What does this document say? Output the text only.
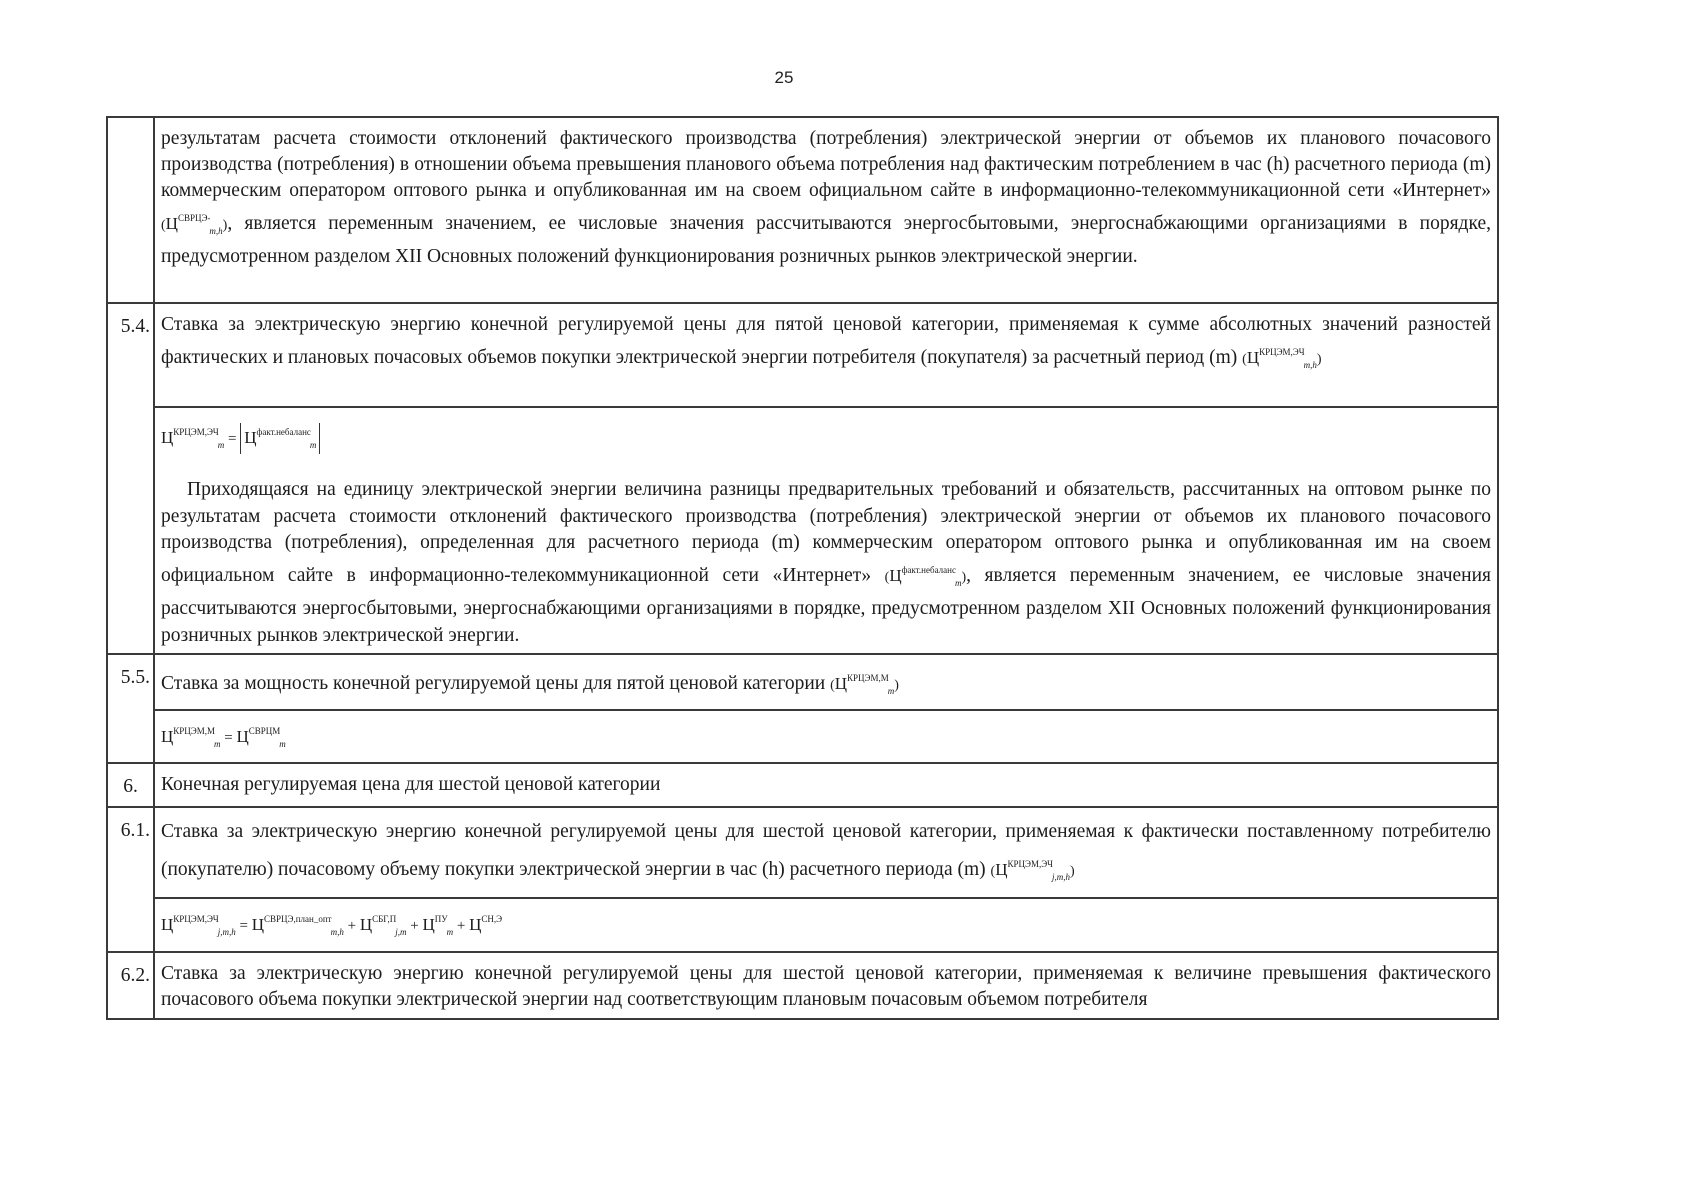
25

	результатам расчета стоимости отклонений фактического производства (потребления) электрической энергии от объемов их планового почасового производства (потребления) в отношении объема превышения планового объема потребления над фактическим потреблением в час (h) расчетного периода (m) коммерческим оператором оптового рынка и опубликованная им на своем официальном сайте в информационно-телекоммуникационной сети «Интернет» $(Ц^{СВРЦЭ-}_{m,h})$, является переменным значением, ее числовые значения рассчитываются энергосбытовыми, энергоснабжающими организациями в порядке, предусмотренном разделом XII Основных положений функционирования розничных рынков электрической энергии.

5.4.	Ставка за электрическую энергию конечной регулируемой цены для пятой ценовой категории, применяемая к сумме абсолютных значений разностей фактических и плановых почасовых объемов покупки электрической энергии потребителя (покупателя) за расчетный период (m) $(Ц^{КРЦЭМ,ЭЧ}_{m,h})$

	$Ц^{КРЦЭМ,ЭЧ}_m = Ц^{факт.небаланс}_m$

Приходящаяся на единицу электрической энергии величина разницы предварительных требований и обязательств, рассчитанных на оптовом рынке по результатам расчета стоимости отклонений фактического производства (потребления) электрической энергии от объемов их планового почасового производства (потребления), определенная для расчетного периода (m) коммерческим оператором оптового рынка и опубликованная им на своем официальном сайте в информационно-телекоммуникационной сети «Интернет» $(Ц^{факт.небаланс}_m)$, является переменным значением, ее числовые значения рассчитываются энергосбытовыми, энергоснабжающими организациями в порядке, предусмотренном разделом XII Основных положений функционирования розничных рынков электрической энергии.

5.5.	Ставка за мощность конечной регулируемой цены для пятой ценовой категории $(Ц^{КРЦЭМ,М}_m)$

	$Ц^{КРЦЭМ,М}_m = Ц^{СВРЦМ}_m$

6.	Конечная регулируемая цена для шестой ценовой категории

6.1.	Ставка за электрическую энергию конечной регулируемой цены для шестой ценовой категории, применяемая к фактически поставленному потребителю (покупателю) почасовому объему покупки электрической энергии в час (h) расчетного периода (m) $(Ц^{КРЦЭМ,ЭЧ}_{j,m,h})$

	$Ц^{КРЦЭМ,ЭЧ}_{j,m,h} = Ц^{СВРЦЭ,план\_опт}_{m,h} + Ц^{СБГ,П}_{j,m} + Ц^{ПУ}_m + Ц^{СН,Э}$

6.2.	Ставка за электрическую энергию конечной регулируемой цены для шестой ценовой категории, применяемая к величине превышения фактического почасового объема покупки электрической энергии над соответствующим плановым почасовым объемом потребителя
